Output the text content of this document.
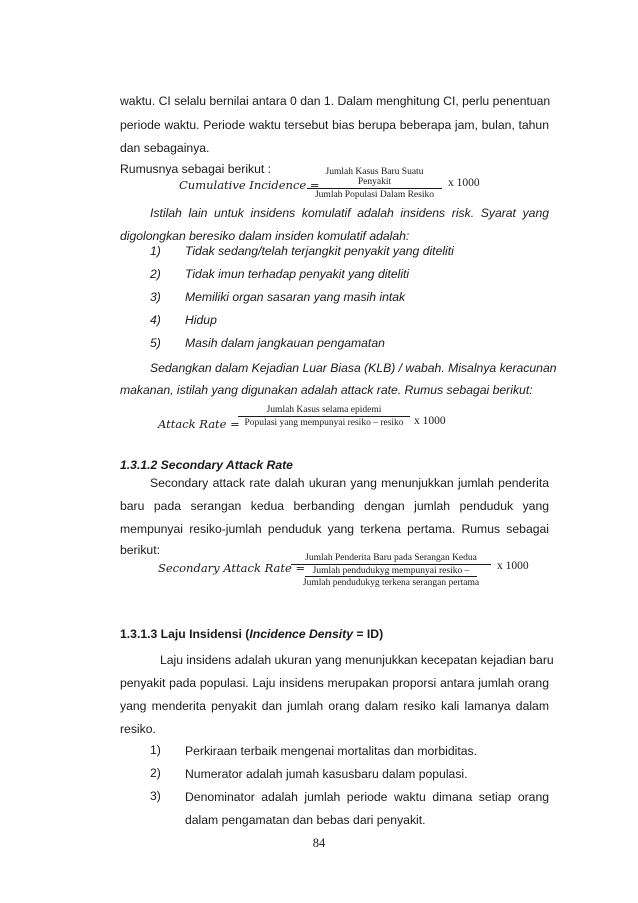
waktu. CI selalu bernilai antara 0 dan 1. Dalam menghitung CI, perlu penentuan
periode waktu. Periode waktu tersebut bias berupa beberapa jam, bulan, tahun
dan sebagainya.
Rumusnya sebagai berikut :
Cumulative Incidence =
Jumlah Kasus Baru Suatu Penyakit
Jumlah Populasi Dalam Resiko
x 1000
Istilah lain untuk insidens komulatif adalah insidens risk. Syarat yang
digolongkan beresiko dalam insiden komulatif adalah:
1) Tidak sedang/telah terjangkit penyakit yang diteliti
2) Tidak imun terhadap penyakit yang diteliti
3) Memiliki organ sasaran yang masih intak
4) Hidup
5) Masih dalam jangkauan pengamatan
Sedangkan dalam Kejadian Luar Biasa (KLB) / wabah. Misalnya keracunan
makanan, istilah yang digunakan adalah attack rate. Rumus sebagai berikut:
Attack Rate =
Jumlah Kasus selama epidemi
Populasi yang mempunyai resiko – resiko x 1000
1.3.1.2 Secondary Attack Rate
Secondary attack rate dalah ukuran yang menunjukkan jumlah penderita
baru pada serangan kedua berbanding dengan jumlah penduduk yang
mempunyai resiko-jumlah penduduk yang terkena pertama. Rumus sebagai
berikut:
Secondary Attack Rate =
Jumlah Penderita Baru pada Serangan Kedua
Jumlah pendudukyg mempunyai resiko –
Jumlah pendudukyg terkena serangan pertama
x 1000
1.3.1.3 Laju Insidensi (Incidence Density = ID)
Laju insidens adalah ukuran yang menunjukkan kecepatan kejadian baru
penyakit pada populasi. Laju insidens merupakan proporsi antara jumlah orang
yang menderita penyakit dan jumlah orang dalam resiko kali lamanya dalam
resiko.
1) Perkiraan terbaik mengenai mortalitas dan morbiditas.
2) Numerator adalah jumah kasusbaru dalam populasi.
3) Denominator adalah jumlah periode waktu dimana setiap orang
dalam pengamatan dan bebas dari penyakit.
84
